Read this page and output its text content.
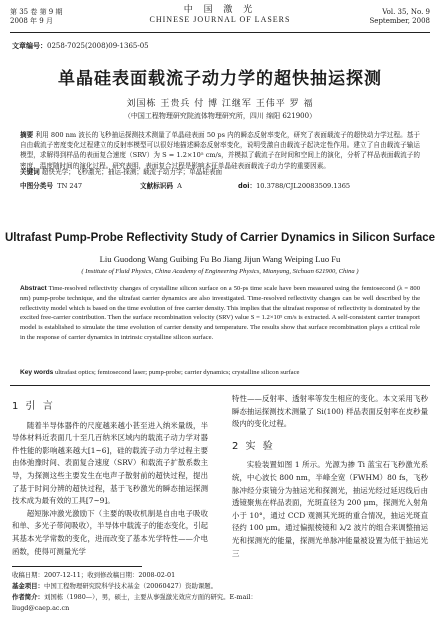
第 35 卷 第 9 期
2008 年 9 月
中 国 激 光
CHINESE JOURNAL OF LASERS
Vol. 35, No. 9
September, 2008
文章编号：0258-7025(2008)09-1365-05
单晶硅表面载流子动力学的超快抽运探测
刘国栋 王贵兵 付 博 江继军 王伟平 罗 福
（中国工程物理研究院流体物理研究所，四川 绵阳 621900）
摘要 利用 800 nm 波长的飞秒抽运探测技术测量了单晶硅表面 50 ps 内的瞬态反射率变化，研究了表面载流子的超快动力学过程。基于自由载流子密度变化过程建立的反射率模型可以很好地描述瞬态反射率变化，说明受激自由载流子起决定性作用。建立了自由载流子输运模型，求解得到样品的表面复合速度（SRV）为 S = 1.2×10⁵ cm/s，并模拟了载流子在时间和空间上的演化，分析了样品表面载流子的密度、温度随时间的演化过程。研究表明，表面复合过程是影响本征单晶硅表面载流子动力学的重要因素。
关键词 超快光学；飞秒激光；抽运-探测；载流子动力学；单晶硅表面
中图分类号 TN 247	文献标识码 A	doi：10.3788/CJL20083509.1365
Ultrafast Pump-Probe Reflectivity Study of Carrier Dynamics in Silicon Surface
Liu Guodong Wang Guibing Fu Bo Jiang Jijun Wang Weiping Luo Fu
( Institute of Fluid Physics, China Academy of Engineering Physics, Mianyang, Sichuan 621900, China )
Abstract Time-resolved reflectivity changes of crystalline silicon surface on a 50-ps time scale have been measured using the femtosecond (λ = 800 nm) pump-probe technique, and the ultrafast carrier dynamics are also investigated. Time-resolved reflectivity changes can be well described by the reflectivity model which is based on the time evolution of free carrier density. This implies that the ultrafast response of reflectivity is dominated by the excited free-carrier contribution. Then the surface recombination velocity (SRV) value S = 1.2×10⁵ cm/s is extracted. A self-consistent carrier transport model is established to simulate the time evolution of carrier density and temperature. The results show that surface recombination plays a critical role in the response of carrier dynamics in intrinsic crystalline silicon surface.
Key words ultrafast optics; femtosecond laser; pump-probe; carrier dynamics; crystalline silicon surface
1 引 言

随着半导体器件的尺度越来越小甚至进入纳米量级，半导体材料近表面几十至几百纳米区域内的载流子动力学对器件性能的影响越来越大[1~6]，硅的载流子动力学过程主要由体弛豫时间、表面复合速度（SRV）和载流子扩散系数主导，为探测这些主要发生在电声子散射前的超快过程，提出了基于时间分辨的超快过程，基于飞秒激光的瞬态抽运探测技术成为最有效的工具[7~9]。

超短脉冲激光激励下（主要的吸收机制是自由电子吸收和单、多光子带间吸收），半导体中载流子的能态变化，引起其基本光学常数的变化，进而改变了基本光学特性——介电函数，使得可测量光学

特性——反射率、透射率等发生相应的变化。本文采用飞秒瞬态抽运探测技术测量了 Si(100) 样品表面反射率在皮秒量级内的变化过程。

2 实 验

实验装置如图 1 所示。光源为掺 Ti 蓝宝石飞秒激光系统，中心波长 800 nm，半峰全宽（FWHM）80 fs，飞秒脉冲经分束镜分为抽运光和探测光，抽运光经过延迟线后由透镜聚焦在样品表面，光斑直径为 200 μm，探测光入射角小于 10°，通过 CCD 观测其光斑的重合情况，抽运光斑直径约 100 μm。通过偏振棱镜和 λ/2 波片的组合来调整抽运光和探测光的能量，探测光单脉冲能量被设置为低于抽运光三

收稿日期：2007-12-11；收到修改稿日期：2008-02-01
基金项目：中国工程物理研究院科学技术基金（20060427）资助课题。
作者简介：刘国栋（1980—），男，硕士，主要从事强激光效应方面的研究。E-mail：liugd@caep.ac.cn
